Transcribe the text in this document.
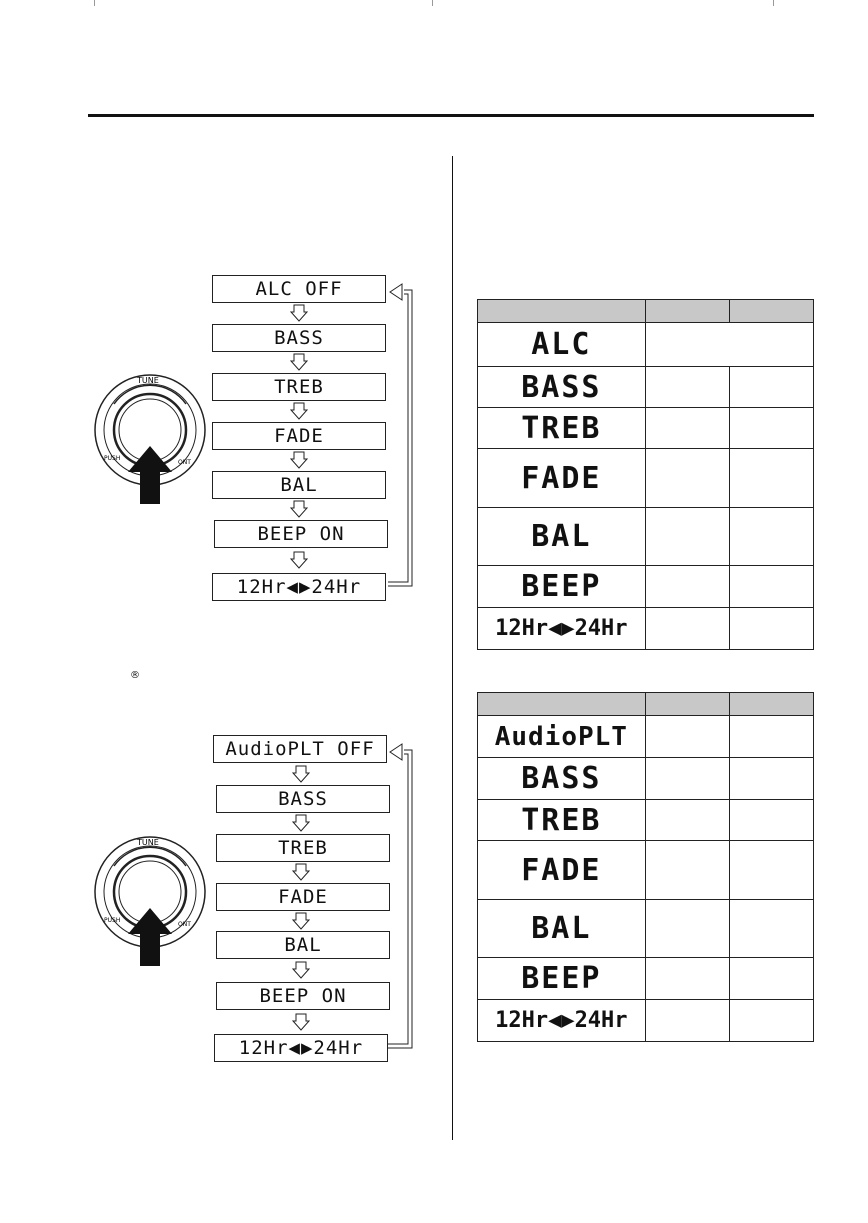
ALC OFF
BASS
TREB
FADE
BAL
BEEP ON
12Hr◀▶24Hr
TUNE
PUSH
ONT
®
AudioPLT OFF
BASS
TREB
FADE
BAL
BEEP ON
12Hr◀▶24Hr
TUNE
PUSH
ONT

ALC		
BASS		
TREB		
FADE		
BAL		
BEEP		
12Hr◀▶24Hr		

AudioPLT		
BASS		
TREB		
FADE		
BAL		
BEEP		
12Hr◀▶24Hr		
